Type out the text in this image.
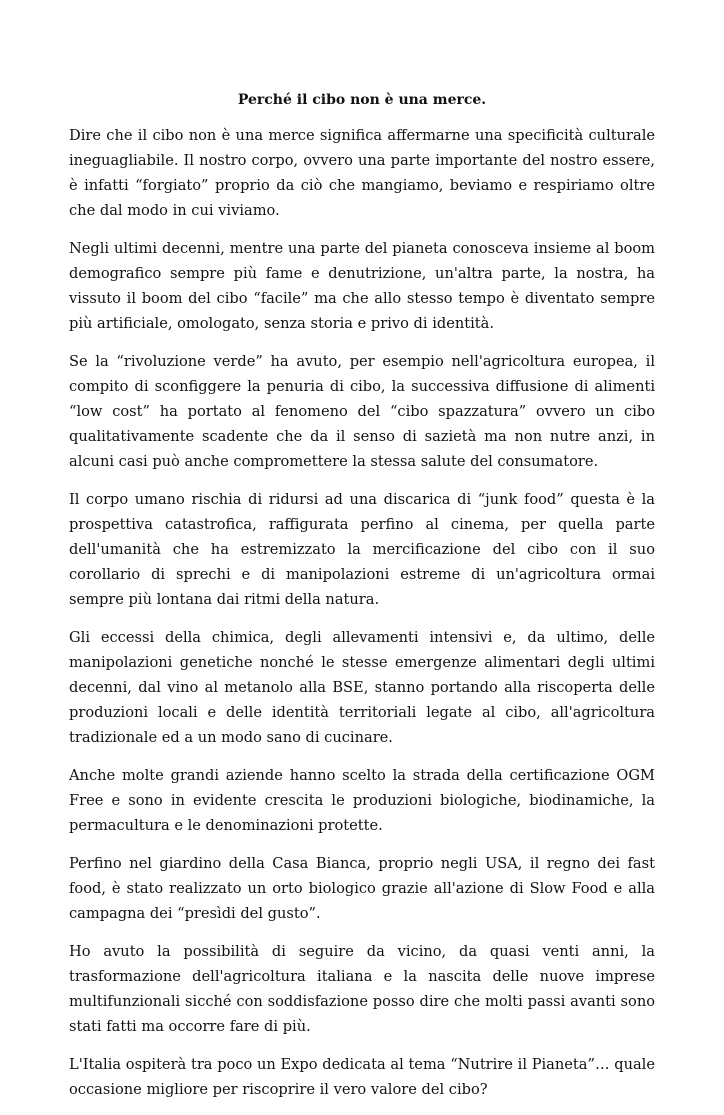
Perché il cibo non è una merce.

Dire che il cibo non è una merce significa affermarne una specificità culturale ineguagliabile. Il nostro corpo, ovvero una parte importante del nostro essere, è infatti “forgiato” proprio da ciò che mangiamo, beviamo e respiriamo oltre che dal modo in cui viviamo.

Negli ultimi decenni, mentre una parte del pianeta conosceva insieme al boom demografico sempre più fame e denutrizione, un'altra parte, la nostra, ha vissuto il boom del cibo “facile” ma che allo stesso tempo è diventato sempre più artificiale, omologato, senza storia e privo di identità.

Se la “rivoluzione verde” ha avuto, per esempio nell'agricoltura europea, il compito di sconfiggere la penuria di cibo, la successiva diffusione di alimenti “low cost” ha portato al fenomeno del “cibo spazzatura” ovvero un cibo qualitativamente scadente che da il senso di sazietà ma non nutre anzi, in alcuni casi può anche compromettere la stessa salute del consumatore.

Il corpo umano rischia di ridursi ad una discarica di “junk food” questa è la prospettiva catastrofica, raffigurata perfino al cinema, per quella parte dell'umanità che ha estremizzato la mercificazione del cibo con il suo corollario di sprechi e di manipolazioni estreme di un'agricoltura ormai sempre più lontana dai ritmi della natura.

Gli eccessi della chimica, degli allevamenti intensivi e, da ultimo, delle manipolazioni genetiche nonché le stesse emergenze alimentari degli ultimi decenni, dal vino al metanolo alla BSE, stanno portando alla riscoperta delle produzioni locali e delle identità territoriali legate al cibo, all'agricoltura tradizionale ed a un modo sano di cucinare.

Anche molte grandi aziende hanno scelto la strada della certificazione OGM Free e sono in evidente crescita le produzioni biologiche, biodinamiche, la permacultura e le denominazioni protette.

Perfino nel giardino della Casa Bianca, proprio negli USA, il regno dei fast food, è stato realizzato un orto biologico grazie all'azione di Slow Food e alla campagna dei “presìdi del gusto”.

Ho avuto la possibilità di seguire da vicino, da quasi venti anni, la trasformazione dell'agricoltura italiana e la nascita delle nuove imprese multifunzionali sicché con soddisfazione posso dire che molti passi avanti sono stati fatti ma occorre fare di più.

L'Italia ospiterà tra poco un Expo dedicata al tema “Nutrire il Pianeta”… quale occasione migliore per riscoprire il vero valore del cibo?
